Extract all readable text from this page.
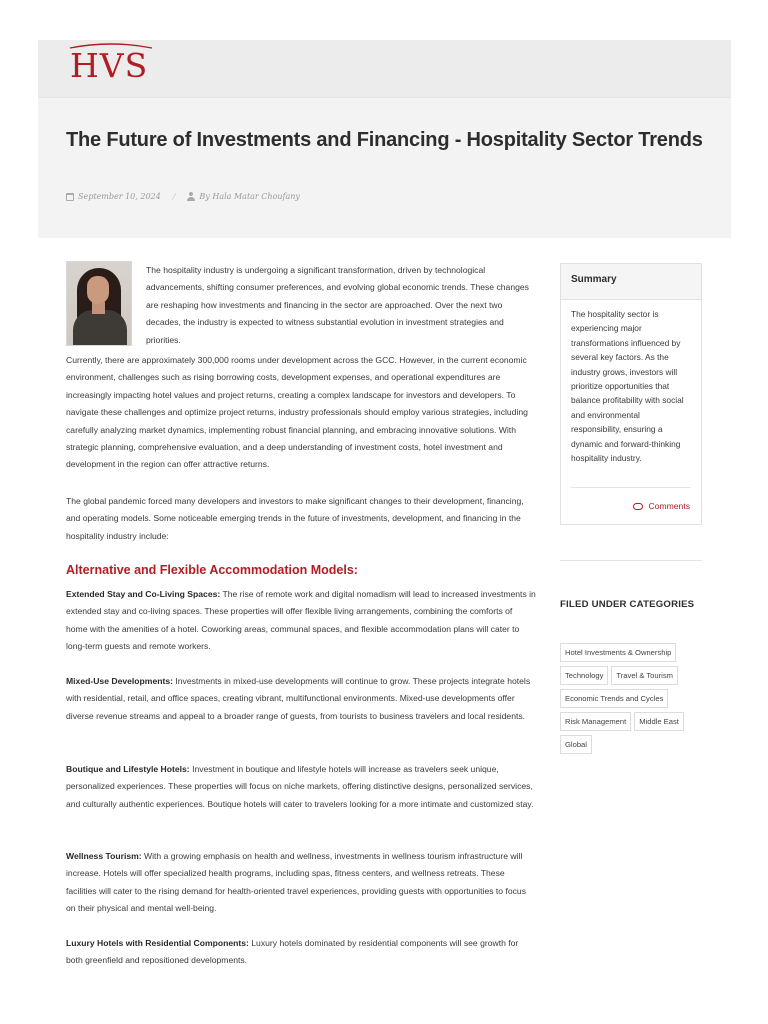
HVS
The Future of Investments and Financing - Hospitality Sector Trends
September 10, 2024 /	By Hala Matar Choufany

The hospitality industry is undergoing a significant transformation, driven by technological advancements, shifting consumer preferences, and evolving global economic trends. These changes are reshaping how investments and financing in the sector are approached. Over the next two decades, the industry is expected to witness substantial evolution in investment strategies and priorities.

Currently, there are approximately 300,000 rooms under development across the GCC. However, in the current economic environment, challenges such as rising borrowing costs, development expenses, and operational expenditures are increasingly impacting hotel values and project returns, creating a complex landscape for investors and developers. To navigate these challenges and optimize project returns, industry professionals should employ various strategies, including carefully analyzing market dynamics, implementing robust financial planning, and embracing innovative solutions. With strategic planning, comprehensive evaluation, and a deep understanding of investment costs, hotel investment and development in the region can offer attractive returns.

The global pandemic forced many developers and investors to make significant changes to their development, financing, and operating models. Some noticeable emerging trends in the future of investments, development, and financing in the hospitality industry include:

Alternative and Flexible Accommodation Models:

Extended Stay and Co-Living Spaces: The rise of remote work and digital nomadism will lead to increased investments in extended stay and co-living spaces. These properties will offer flexible living arrangements, combining the comforts of home with the amenities of a hotel. Coworking areas, communal spaces, and flexible accommodation plans will cater to long-term guests and remote workers.

Mixed-Use Developments: Investments in mixed-use developments will continue to grow. These projects integrate hotels with residential, retail, and office spaces, creating vibrant, multifunctional environments. Mixed-use developments offer diverse revenue streams and appeal to a broader range of guests, from tourists to business travelers and local residents.

Boutique and Lifestyle Hotels: Investment in boutique and lifestyle hotels will increase as travelers seek unique, personalized experiences. These properties will focus on niche markets, offering distinctive designs, personalized services, and culturally authentic experiences. Boutique hotels will cater to travelers looking for a more intimate and customized stay.

Wellness Tourism: With a growing emphasis on health and wellness, investments in wellness tourism infrastructure will increase. Hotels will offer specialized health programs, including spas, fitness centers, and wellness retreats. These facilities will cater to the rising demand for health-oriented travel experiences, providing guests with opportunities to focus on their physical and mental well-being.

Luxury Hotels with Residential Components: Luxury hotels dominated by residential components will see growth for both greenfield and repositioned developments.

Summary
The hospitality sector is experiencing major transformations influenced by several key factors. As the industry grows, investors will prioritize opportunities that balance profitability with social and environmental responsibility, ensuring a dynamic and forward-thinking hospitality industry.
Comments
FILED UNDER CATEGORIES
Hotel Investments & Ownership
Technology	Travel & Tourism
Economic Trends and Cycles
Risk Management	Middle East
Global
